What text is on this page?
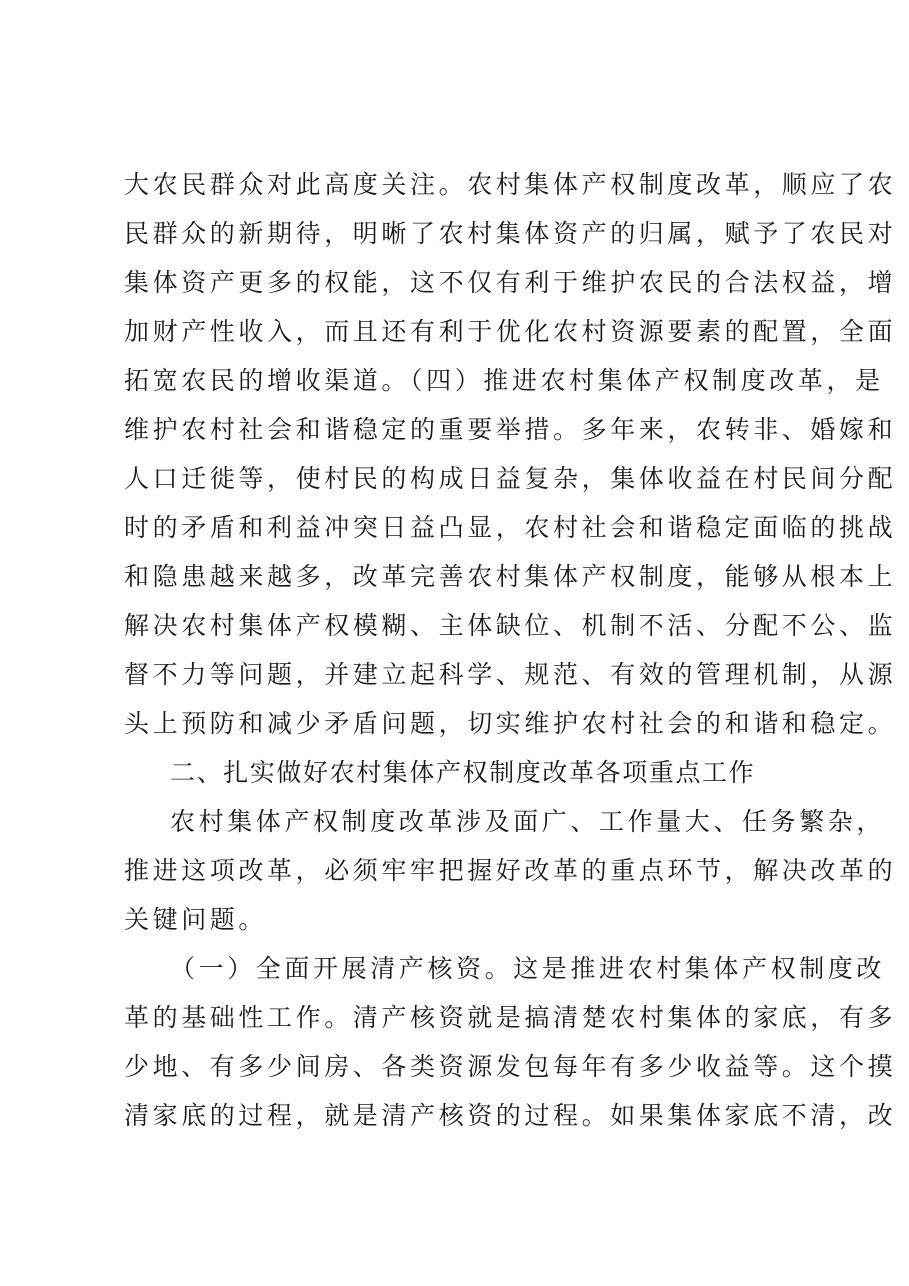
大农民群众对此高度关注。农村集体产权制度改革，顺应了农
民群众的新期待，明晰了农村集体资产的归属，赋予了农民对
集体资产更多的权能，这不仅有利于维护农民的合法权益，增
加财产性收入，而且还有利于优化农村资源要素的配置，全面
拓宽农民的增收渠道。（四）推进农村集体产权制度改革，是
维护农村社会和谐稳定的重要举措。多年来，农转非、婚嫁和
人口迁徙等，使村民的构成日益复杂，集体收益在村民间分配
时的矛盾和利益冲突日益凸显，农村社会和谐稳定面临的挑战
和隐患越来越多，改革完善农村集体产权制度，能够从根本上
解决农村集体产权模糊、主体缺位、机制不活、分配不公、监
督不力等问题，并建立起科学、规范、有效的管理机制，从源
头上预防和减少矛盾问题，切实维护农村社会的和谐和稳定。
二、扎实做好农村集体产权制度改革各项重点工作
农村集体产权制度改革涉及面广、工作量大、任务繁杂，
推进这项改革，必须牢牢把握好改革的重点环节，解决改革的
关键问题。
（一）全面开展清产核资。这是推进农村集体产权制度改
革的基础性工作。清产核资就是搞清楚农村集体的家底，有多
少地、有多少间房、各类资源发包每年有多少收益等。这个摸
清家底的过程，就是清产核资的过程。如果集体家底不清，改
